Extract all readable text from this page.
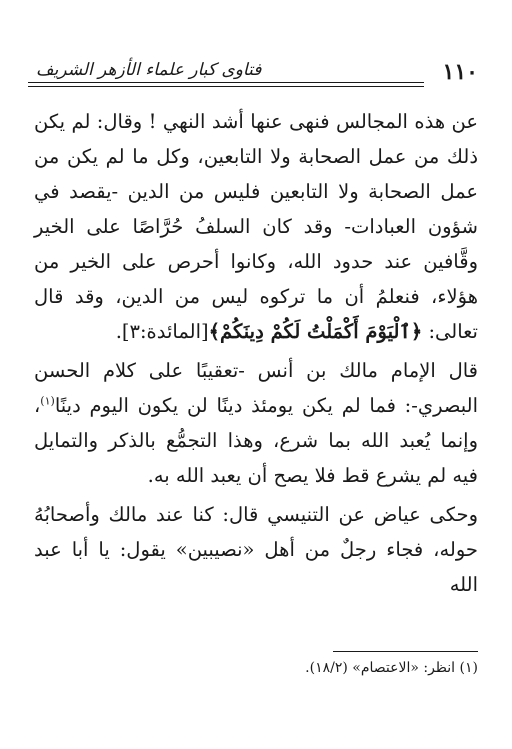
١١٠
فتاوى كبار علماء الأزهر الشريف

عن هذه المجالس فنهى عنها أشد النهي ! وقال: لم يكن ذلك من عمل الصحابة ولا التابعين، وكل ما لم يكن من عمل الصحابة ولا التابعين فليس من الدين -يقصد في شؤون العبادات- وقد كان السلفُ حُرَّاصًا على الخير وقَّافين عند حدود الله، وكانوا أحرص على الخير من هؤلاء، فنعلمُ أن ما تركوه ليس من الدين، وقد قال تعالى: ﴿ٱلْيَوْمَ أَكْمَلْتُ لَكُمْ دِينَكُمْ﴾[المائدة:٣].

قال الإمام مالك بن أنس -تعقيبًا على كلام الحسن البصري-: فما لم يكن يومئذ دينًا لن يكون اليوم دينًا$^{(١)}$، وإنما يُعبد الله بما شرع، وهذا التجمُّع بالذكر والتمايل فيه لم يشرع قط فلا يصح أن يعبد الله به.

وحكى عياض عن التنيسي قال: كنا عند مالك وأصحابُهُ حوله، فجاء رجلٌ من أهل «نصيبين» يقول: يا أبا عبد الله

(١) انظر: «الاعتصام» (١٨/٢).
